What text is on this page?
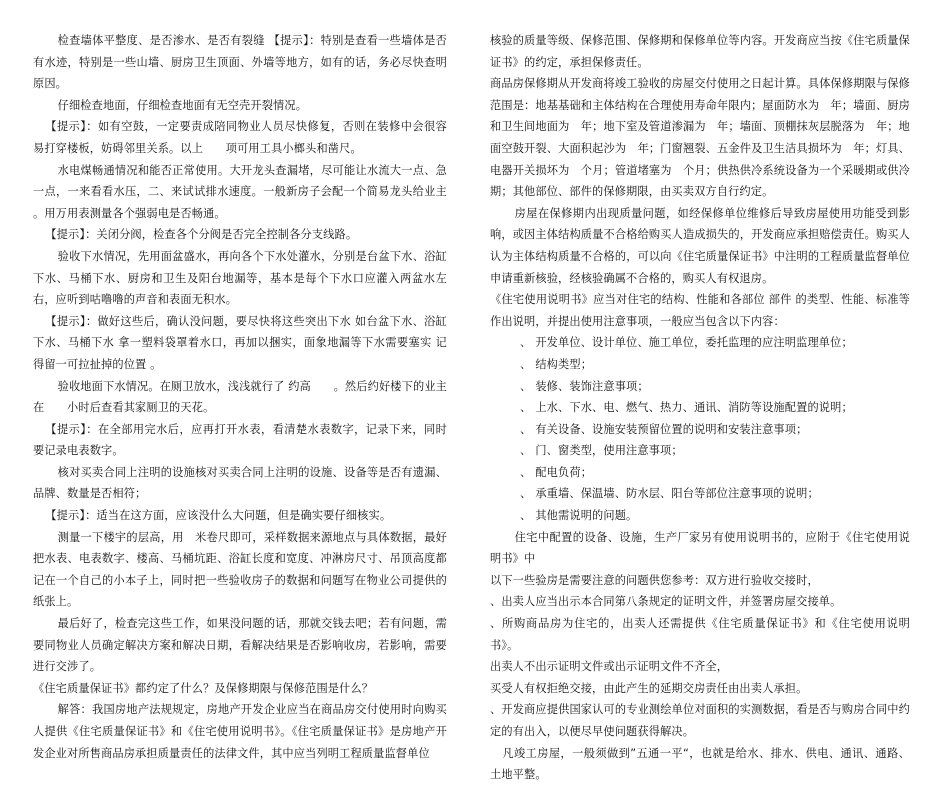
检查墙体平整度、是否渗水、是否有裂缝 【提示】：特别是查看一些墙体是否有水迹，特别是一些山墙、厨房卫生顶面、外墙等地方，如有的话，务必尽快查明原因。

仔细检查地面，仔细检查地面有无空壳开裂情况。

【提示】：如有空鼓，一定要责成陪同物业人员尽快修复，否则在装修中会很容易打穿楼板，妨碍邻里关系。以上　　项可用工具小榔头和凿尺。

水电煤畅通情况和能否正常使用。大开龙头查漏堵，尽可能让水流大一点、急一点，一来看看水压，二、来试试排水速度。一般新房子会配一个简易龙头给业主 。用万用表测量各个强弱电是否畅通。

【提示】：关闭分阀，检查各个分阀是否完全控制各分支线路。

验收下水情况，先用面盆盛水，再向各个下水处灌水，分别是台盆下水、浴缸下水、马桶下水、厨房和卫生及阳台地漏等，基本是每个下水口应灌入两盆水左右，应听到咕噜噜的声音和表面无积水。

【提示】：做好这些后，确认没问题，要尽快将这些突出下水 如台盆下水、浴缸下水、马桶下水 拿一塑料袋罩着水口，再加以捆实，面象地漏等下水需要塞实 记得留一可拉扯掉的位置 。

验收地面下水情况。在厕卫放水，浅浅就行了 约高　　。然后约好楼下的业主在　　小时后查看其家厕卫的天花。

【提示】：在全部用完水后，应再打开水表，看清楚水表数字，记录下来，同时要记录电表数字。

核对买卖合同上注明的设施核对买卖合同上注明的设施、设备等是否有遗漏、品牌、数量是否相符；

【提示】：适当在这方面，应该没什么大问题，但是确实要仔细核实。

测量一下楼宇的层高，用　米卷尺即可，采样数据来源地点与具体数据，最好把水表、电表数字、楼高、马桶坑距、浴缸长度和宽度、冲淋房尺寸、吊顶高度都记在一个自己的小本子上，同时把一些验收房子的数据和问题写在物业公司提供的纸张上。

最后好了，检查完这些工作，如果没问题的话，那就交钱去吧；若有问题，需要同物业人员确定解决方案和解决日期，看解决结果是否影响收房，若影响，需要进行交涉了。

《住宅质量保证书》都约定了什么？及保修期限与保修范围是什么？

解答：我国房地产法规规定，房地产开发企业应当在商品房交付使用时向购买人提供《住宅质量保证书》和《住宅使用说明书》。《住宅质量保证书》是房地产开发企业对所售商品房承担质量责任的法律文件，其中应当列明工程质量监督单位

核验的质量等级、保修范围、保修期和保修单位等内容。开发商应当按《住宅质量保证书》的约定，承担保修责任。

商品房保修期从开发商将竣工验收的房屋交付使用之日起计算。具体保修期限与保修范围是：地基基础和主体结构在合理使用寿命年限内；屋面防水为　年；墙面、厨房和卫生间地面为　年；地下室及管道渗漏为　年；墙面、顶棚抹灰层脱落为　年；地面空鼓开裂、大面积起沙为　年；门窗翘裂、五金件及卫生洁具损坏为　年；灯具、电器开关损坏为　个月；管道堵塞为　个月；供热供冷系统设备为一个采暖期或供冷期；其他部位、部件的保修期限，由买卖双方自行约定。

房屋在保修期内出现质量问题，如经保修单位维修后导致房屋使用功能受到影响，或因主体结构质量不合格给购买人造成损失的，开发商应承担赔偿责任。购买人认为主体结构质量不合格的，可以向《住宅质量保证书》中注明的工程质量监督单位申请重新核验，经核验确属不合格的，购买人有权退房。

《住宅使用说明书》应当对住宅的结构、性能和各部位 部件 的类型、性能、标准等作出说明，并提出使用注意事项，一般应当包含以下内容：

、 开发单位、设计单位、施工单位，委托监理的应注明监理单位；

、 结构类型；

、 装修、装饰注意事项；

、 上水、下水、电、燃气、热力、通讯、消防等设施配置的说明；

、 有关设备、设施安装预留位置的说明和安装注意事项；

、 门、窗类型，使用注意事项；

、 配电负荷；

、 承重墙、保温墙、防水层、阳台等部位注意事项的说明；

、 其他需说明的问题。

住宅中配置的设备、设施，生产厂家另有使用说明书的，应附于《住宅使用说明书》中

以下一些验房是需要注意的问题供您参考：双方进行验收交接时，

、出卖人应当出示本合同第八条规定的证明文件，并签署房屋交接单。

、所购商品房为住宅的，出卖人还需提供《住宅质量保证书》和《住宅使用说明书》。

出卖人不出示证明文件或出示证明文件不齐全，

买受人有权拒绝交接，由此产生的延期交房责任由出卖人承担。

、开发商应提供国家认可的专业测绘单位对面积的实测数据，看是否与购房合同中约定的有出入，以便尽早使问题获得解决。

凡竣工房屋，一般须做到”五通一平“，也就是给水、排水、供电、通讯、通路、土地平整。
